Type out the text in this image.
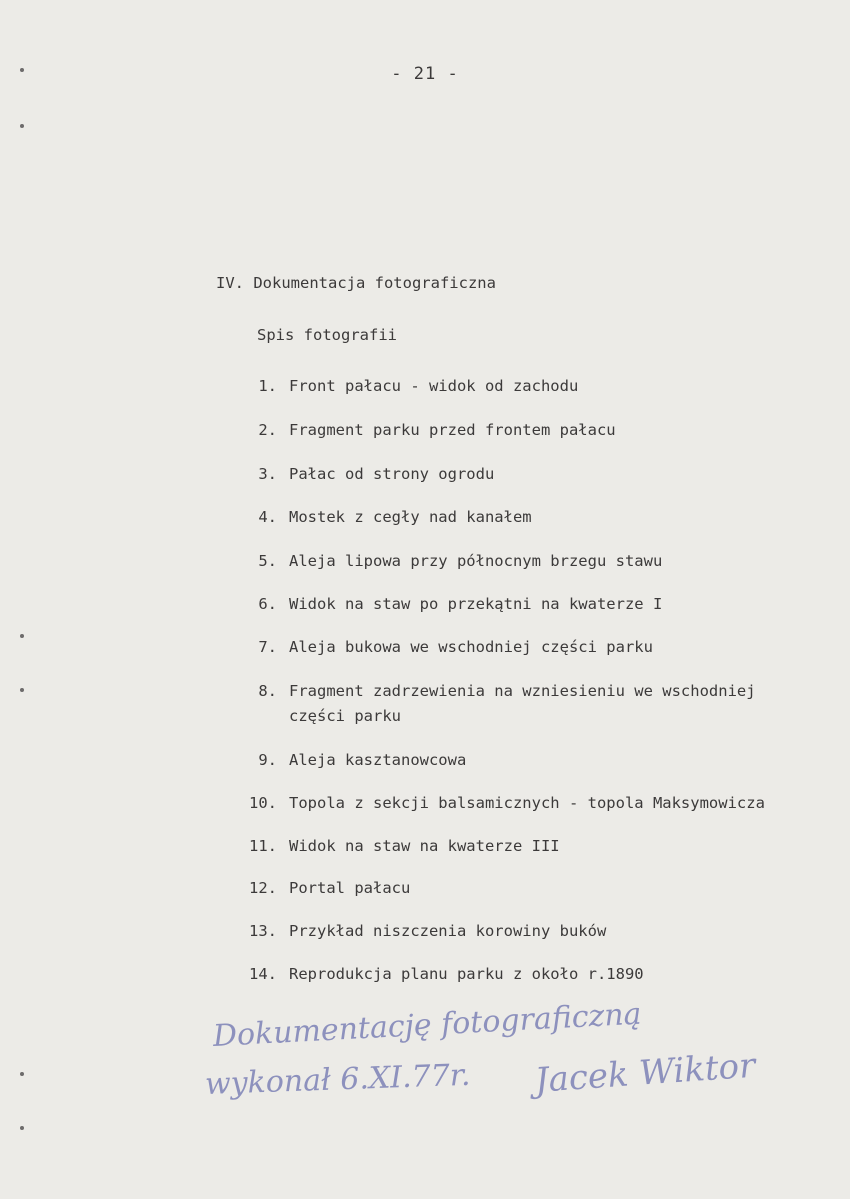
- 21 -
IV. Dokumentacja fotograficzna
Spis fotografii
1. Front pałacu - widok od zachodu
2. Fragment parku przed frontem pałacu
3. Pałac od strony ogrodu
4. Mostek z cegły nad kanałem
5. Aleja lipowa przy północnym brzegu stawu
6. Widok na staw po przekątni na kwaterze I
7. Aleja bukowa we wschodniej części parku
8. Fragment zadrzewienia na wzniesieniu we wschodniej
części parku
9. Aleja kasztanowcowa
10. Topola z sekcji balsamicznych - topola Maksymowicza
11. Widok na staw na kwaterze III
12. Portal pałacu
13. Przykład niszczenia korowiny buków
14. Reprodukcja planu parku z około r.1890
Dokumentację fotograficzną
wykonał 6.XI.77r. Jacek Wiktor
